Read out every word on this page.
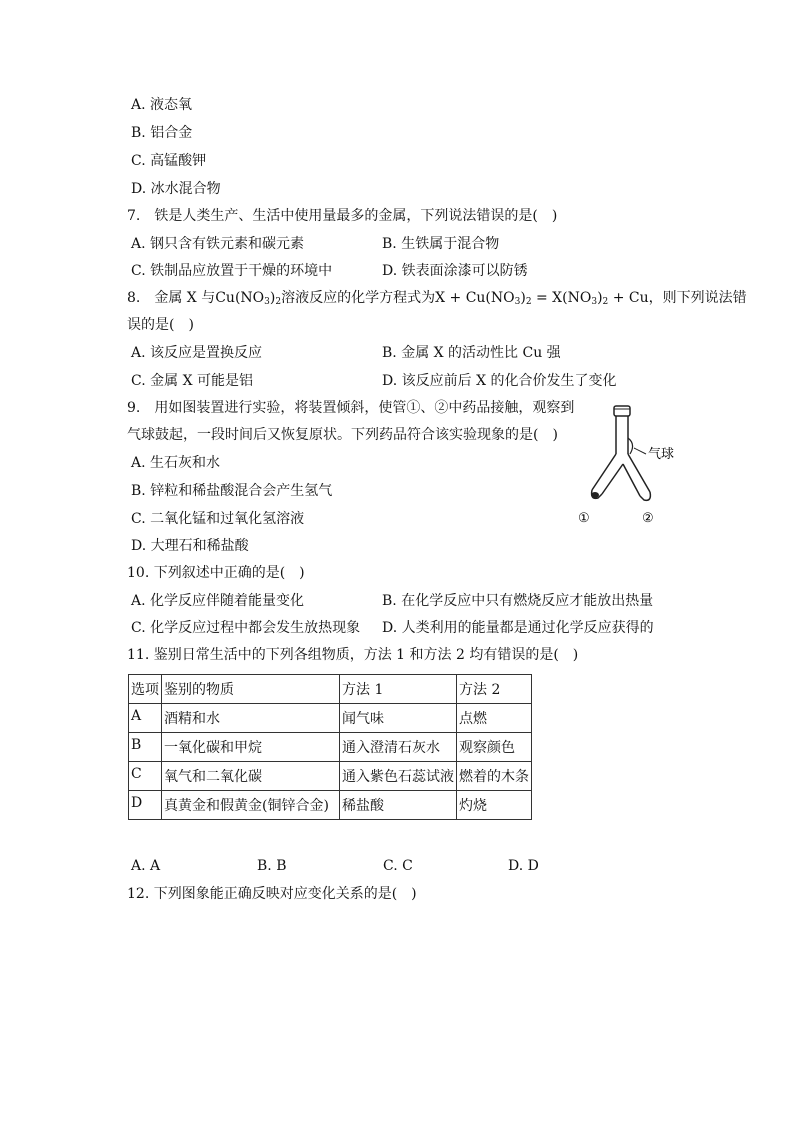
A. 液态氧
B. 铝合金
C. 高锰酸钾
D. 冰水混合物
7.　铁是人类生产、生活中使用量最多的金属，下列说法错误的是(　)
A. 钢只含有铁元素和碳元素	B. 生铁属于混合物
C. 铁制品应放置于干燥的环境中	D. 铁表面涂漆可以防锈
8.　金属 X 与$Cu(NO_3)_2$溶液反应的化学方程式为$X + Cu(NO_3)_2 = X(NO_3)_2 + Cu$，则下列说法错
误的是(　)
A. 该反应是置换反应	B. 金属 X 的活动性比 Cu 强
C. 金属 X 可能是铝	D. 该反应前后 X 的化合价发生了变化
9.　用如图装置进行实验，将装置倾斜，使管①、②中药品接触，观察到
气球鼓起，一段时间后又恢复原状。下列药品符合该实验现象的是(　)
A. 生石灰和水
B. 锌粒和稀盐酸混合会产生氢气
C. 二氧化锰和过氧化氢溶液
D. 大理石和稀盐酸
气球
①	②
10. 下列叙述中正确的是(　)
A. 化学反应伴随着能量变化	B. 在化学反应中只有燃烧反应才能放出热量
C. 化学反应过程中都会发生放热现象 D. 人类利用的能量都是通过化学反应获得的
11. 鉴别日常生活中的下列各组物质，方法 1 和方法 2 均有错误的是(　)
选项	鉴别的物质	方法 1	方法 2
A	酒精和水	闻气味	点燃
B	一氧化碳和甲烷	通入澄清石灰水	观察颜色
C	氧气和二氧化碳	通入紫色石蕊试液	燃着的木条
D	真黄金和假黄金(铜锌合金)	稀盐酸	灼烧
A. A	B. B	C. C	D. D
12. 下列图象能正确反映对应变化关系的是(　)
